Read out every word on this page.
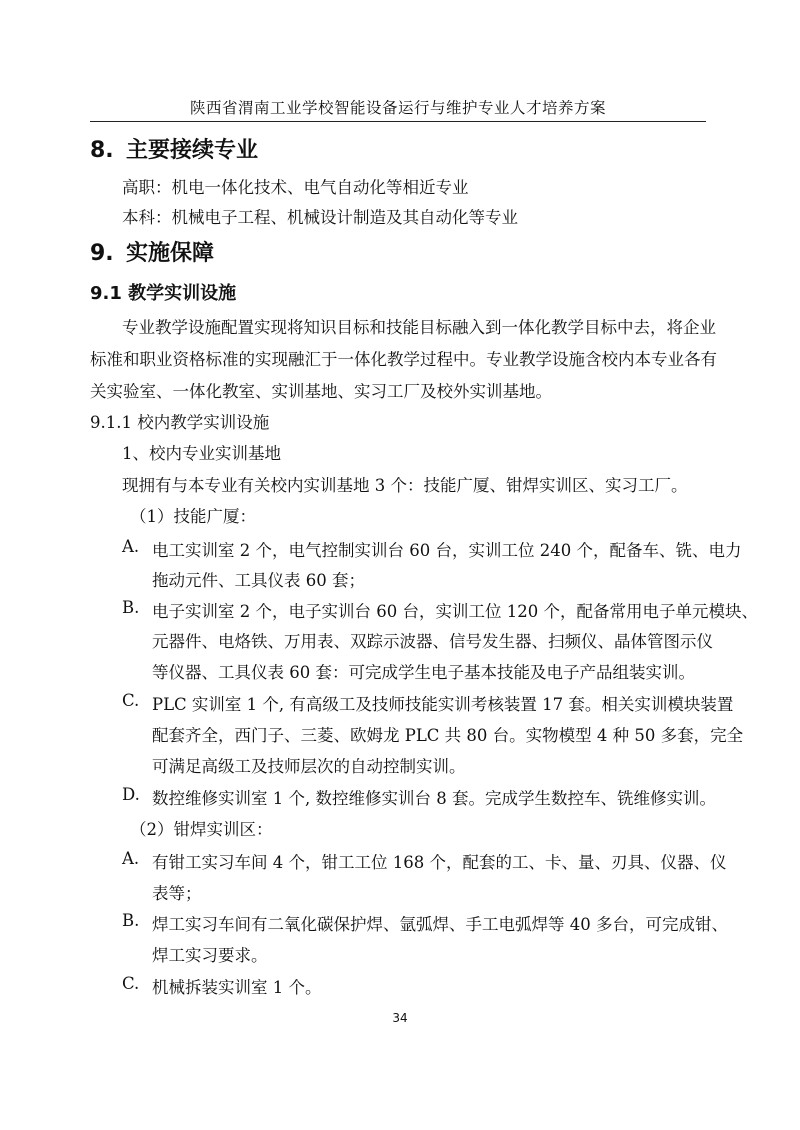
陕西省渭南工业学校智能设备运行与维护专业人才培养方案
8. 主要接续专业
高职：机电一体化技术、电气自动化等相近专业
本科：机械电子工程、机械设计制造及其自动化等专业
9. 实施保障
9.1 教学实训设施
专业教学设施配置实现将知识目标和技能目标融入到一体化教学目标中去，将企业
标准和职业资格标准的实现融汇于一体化教学过程中。专业教学设施含校内本专业各有
关实验室、一体化教室、实训基地、实习工厂及校外实训基地。
9.1.1 校内教学实训设施
1、校内专业实训基地
现拥有与本专业有关校内实训基地 3 个：技能广厦、钳焊实训区、实习工厂。
（1）技能广厦：
A. 电工实训室 2 个，电气控制实训台 60 台，实训工位 240 个，配备车、铣、电力
拖动元件、工具仪表 60 套；
B. 电子实训室 2 个，电子实训台 60 台，实训工位 120 个，配备常用电子单元模块、
元器件、电烙铁、万用表、双踪示波器、信号发生器、扫频仪、晶体管图示仪
等仪器、工具仪表 60 套：可完成学生电子基本技能及电子产品组装实训。
C. PLC 实训室 1 个, 有高级工及技师技能实训考核装置 17 套。相关实训模块装置
配套齐全，西门子、三菱、欧姆龙 PLC 共 80 台。实物模型 4 种 50 多套，完全
可满足高级工及技师层次的自动控制实训。
D. 数控维修实训室 1 个, 数控维修实训台 8 套。完成学生数控车、铣维修实训。
（2）钳焊实训区：
A. 有钳工实习车间 4 个，钳工工位 168 个，配套的工、卡、量、刃具、仪器、仪
表等；
B. 焊工实习车间有二氧化碳保护焊、氩弧焊、手工电弧焊等 40 多台，可完成钳、
焊工实习要求。
C. 机械拆装实训室 1 个。
34
